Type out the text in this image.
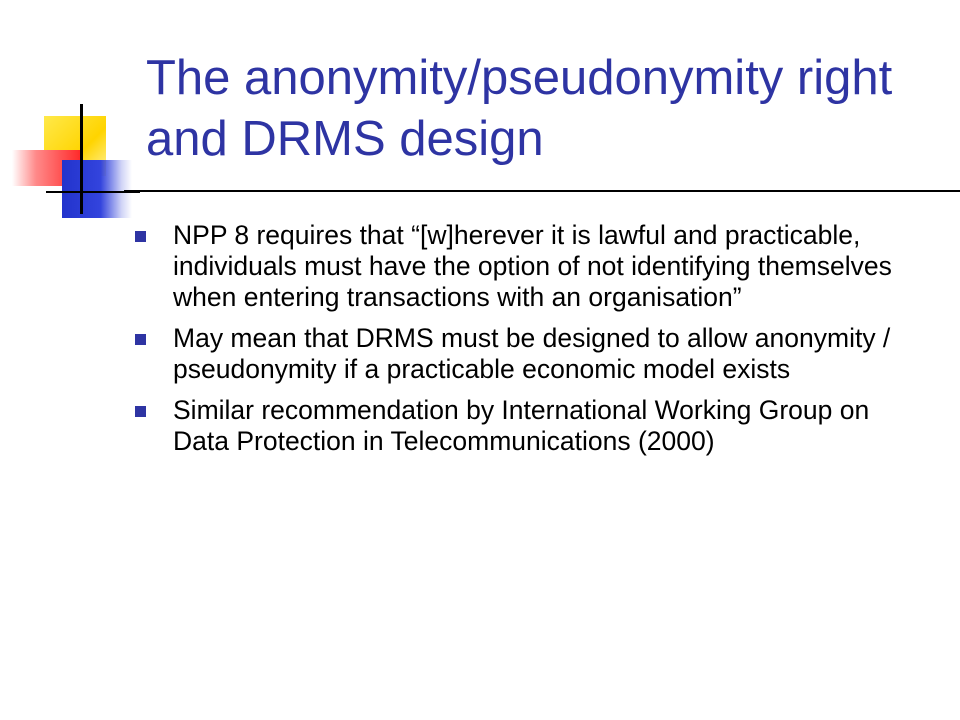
The anonymity/pseudonymity right and DRMS design
NPP 8 requires that “[w]herever it is lawful and practicable, individuals must have the option of not identifying themselves when entering transactions with an organisation”
May mean that DRMS must be designed to allow anonymity / pseudonymity if a practicable economic model exists
Similar recommendation by International Working Group on Data Protection in Telecommunications (2000)
